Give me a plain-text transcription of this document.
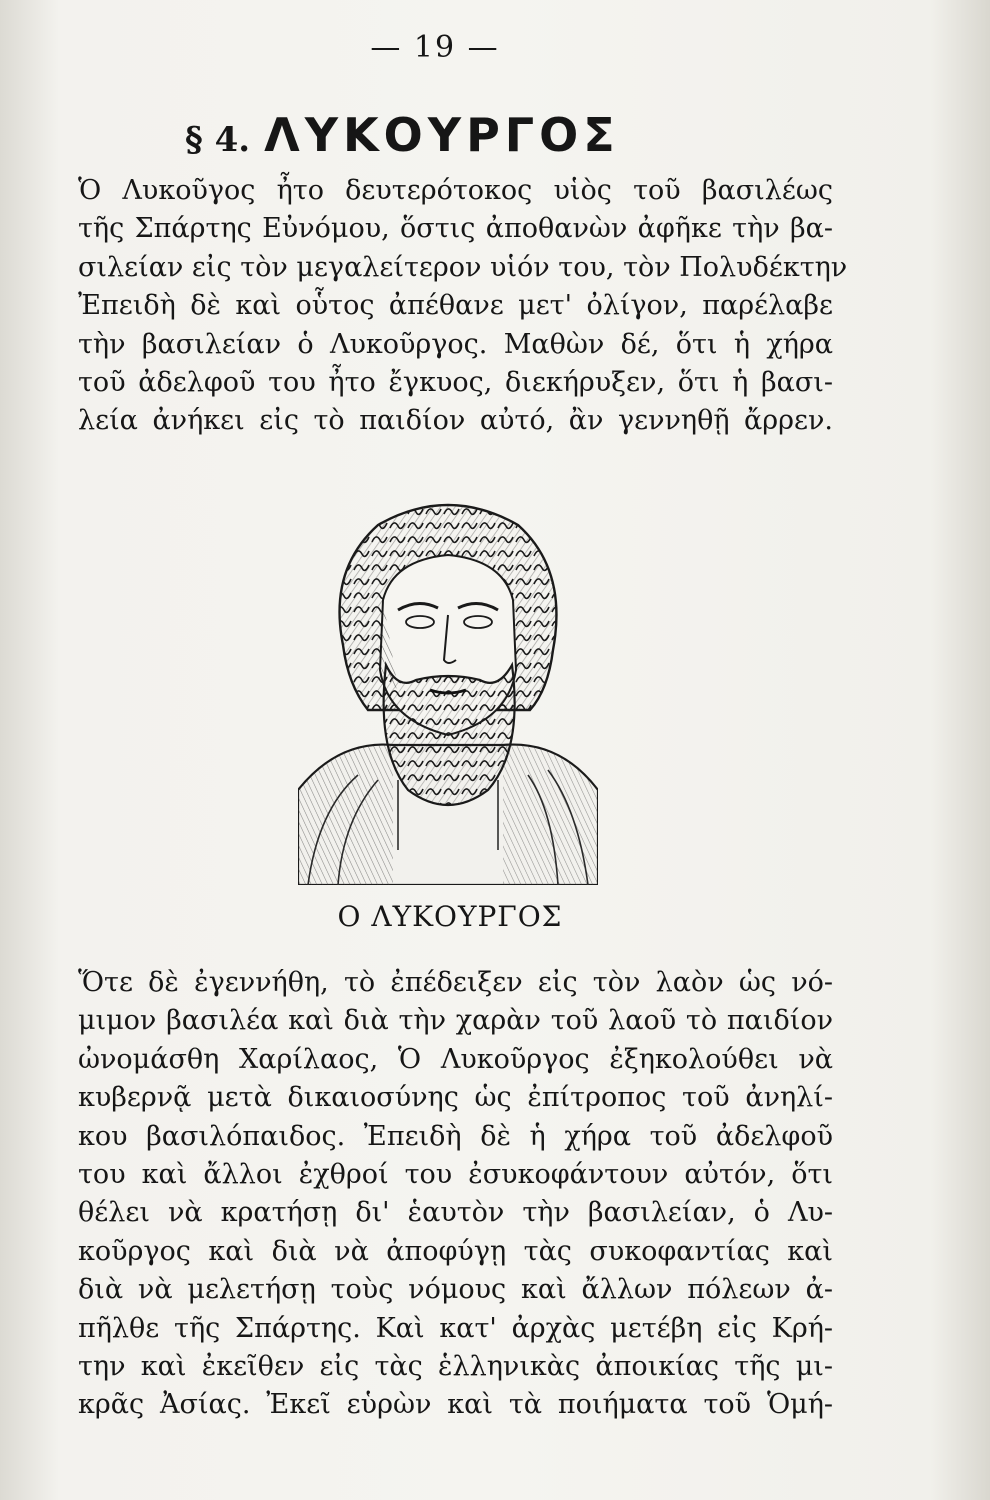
— 19 —
§ 4. ΛΥΚΟΥΡΓΟΣ
Ὁ Λυκοῦγος ἦτο δευτερότοκος υἱὸς τοῦ βασιλέως
τῆς Σπάρτης Εὐνόμου, ὅστις ἀποθανὼν ἀφῆκε τὴν βα-
σιλείαν εἰς τὸν μεγαλείτερον υἱόν του, τὸν Πολυδέκτην
Ἐπειδὴ δὲ καὶ οὗτος ἀπέθανε μετ' ὀλίγον, παρέλαβε
τὴν βασιλείαν ὁ Λυκοῦργος. Μαθὼν δέ, ὅτι ἡ χήρα
τοῦ ἀδελφοῦ του ἦτο ἔγκυος, διεκήρυξεν, ὅτι ἡ βασι-
λεία ἀνήκει εἰς τὸ παιδίον αὐτό, ἂν γεννηθῇ ἄρρεν.
Ο ΛΥΚΟΥΡΓΟΣ
Ὅτε δὲ ἐγεννήθη, τὸ ἐπέδειξεν εἰς τὸν λαὸν ὡς νό-
μιμον βασιλέα καὶ διὰ τὴν χαρὰν τοῦ λαοῦ τὸ παιδίον
ὠνομάσθη Χαρίλαος, Ὁ Λυκοῦργος ἐξηκολούθει νὰ
κυβερνᾷ μετὰ δικαιοσύνης ὡς ἐπίτροπος τοῦ ἀνηλί-
κου βασιλόπαιδος. Ἐπειδὴ δὲ ἡ χήρα τοῦ ἀδελφοῦ
του καὶ ἄλλοι ἐχθροί του ἐσυκοφάντουν αὐτόν, ὅτι
θέλει νὰ κρατήσῃ δι' ἑαυτὸν τὴν βασιλείαν, ὁ Λυ-
κοῦργος καὶ διὰ νὰ ἀποφύγῃ τὰς συκοφαντίας καὶ
διὰ νὰ μελετήσῃ τοὺς νόμους καὶ ἄλλων πόλεων ἀ-
πῆλθε τῆς Σπάρτης. Καὶ κατ' ἀρχὰς μετέβη εἰς Κρή-
την καὶ ἐκεῖθεν εἰς τὰς ἑλληνικὰς ἀποικίας τῆς μι-
κρᾶς Ἀσίας. Ἐκεῖ εὑρὼν καὶ τὰ ποιήματα τοῦ Ὁμή-
